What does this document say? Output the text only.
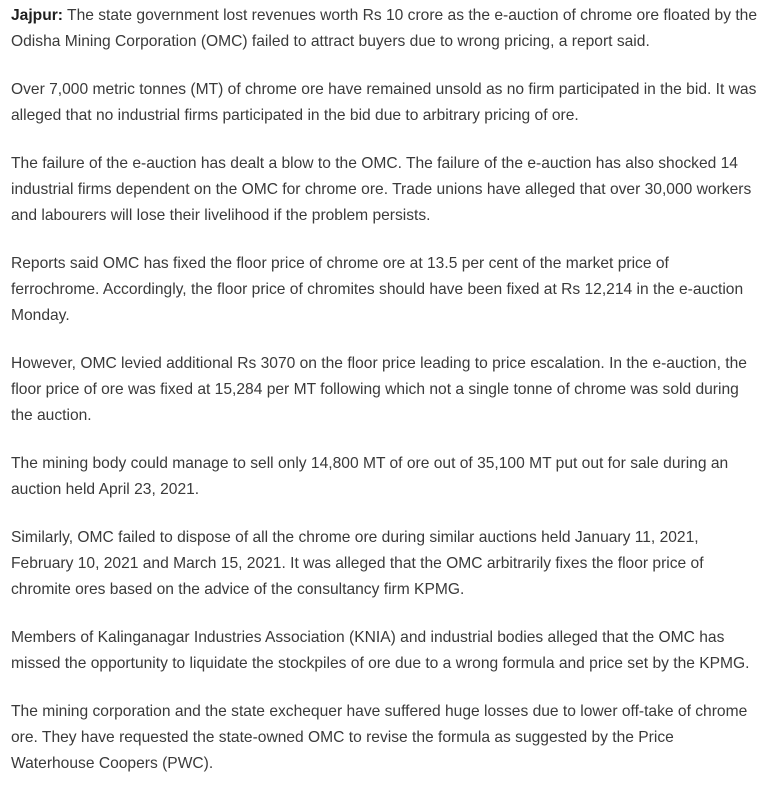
Jajpur: The state government lost revenues worth Rs 10 crore as the e-auction of chrome ore floated by the Odisha Mining Corporation (OMC) failed to attract buyers due to wrong pricing, a report said.

Over 7,000 metric tonnes (MT) of chrome ore have remained unsold as no firm participated in the bid. It was alleged that no industrial firms participated in the bid due to arbitrary pricing of ore.

The failure of the e-auction has dealt a blow to the OMC. The failure of the e-auction has also shocked 14 industrial firms dependent on the OMC for chrome ore. Trade unions have alleged that over 30,000 workers and labourers will lose their livelihood if the problem persists.

Reports said OMC has fixed the floor price of chrome ore at 13.5 per cent of the market price of ferrochrome. Accordingly, the floor price of chromites should have been fixed at Rs 12,214 in the e-auction Monday.

However, OMC levied additional Rs 3070 on the floor price leading to price escalation. In the e-auction, the floor price of ore was fixed at 15,284 per MT following which not a single tonne of chrome was sold during the auction.

The mining body could manage to sell only 14,800 MT of ore out of 35,100 MT put out for sale during an auction held April 23, 2021.

Similarly, OMC failed to dispose of all the chrome ore during similar auctions held January 11, 2021, February 10, 2021 and March 15, 2021. It was alleged that the OMC arbitrarily fixes the floor price of chromite ores based on the advice of the consultancy firm KPMG.

Members of Kalinganagar Industries Association (KNIA) and industrial bodies alleged that the OMC has missed the opportunity to liquidate the stockpiles of ore due to a wrong formula and price set by the KPMG.

The mining corporation and the state exchequer have suffered huge losses due to lower off-take of chrome ore. They have requested the state-owned OMC to revise the formula as suggested by the Price Waterhouse Coopers (PWC).
